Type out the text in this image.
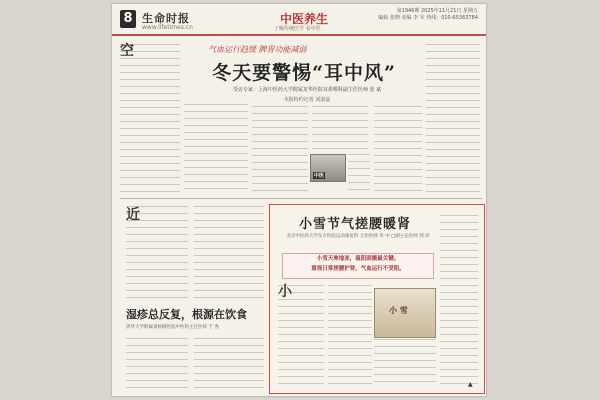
8 生命时报
www.lifetimes.cn
中医养生
了解传统医学 看中医
第1946期 2025年11月21日 星期五
编辑 张晓 美编 李 军 热线：010-65363784
空	气血运行趋缓 脾胃功能减弱
冬天要警惕“耳中风”
受访专家：上海中医药大学附属龙华医院耳鼻喉科副主任医师 张 斌
本报特约记者 刘淑蕊
中医
近
湿疹总反复，根源在饮食
清华大学附属垂杨柳医院中医科主任医师 于 秀
小雪节气搓腰暖肾
北京中医药大学东方医院运动康复科 主治医师 李 中 □副主任医师 郭 洋
小雪天寒地冻，温阳固摄最关键。
重视日常搓腰护肾，气血运行不受阻。
小
小 雪
▲
